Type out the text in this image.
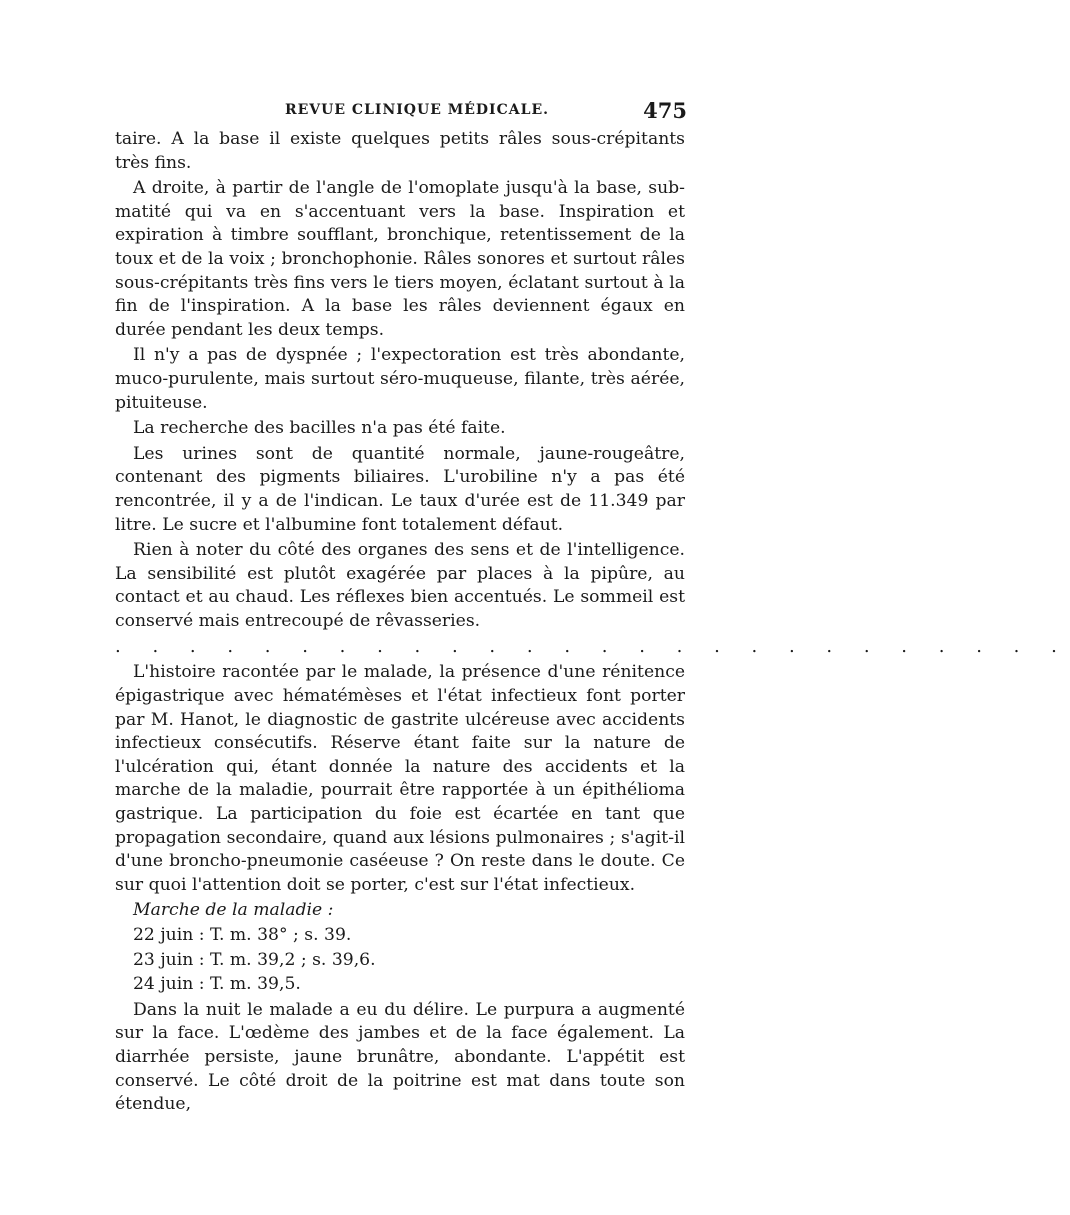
REVUE CLINIQUE MÉDICALE.	475

taire. A la base il existe quelques petits râles sous-crépitants très fins.

A droite, à partir de l'angle de l'omoplate jusqu'à la base, sub-matité qui va en s'accentuant vers la base. Inspiration et expiration à timbre soufflant, bronchique, retentissement de la toux et de la voix ; bronchophonie. Râles sonores et surtout râles sous-crépitants très fins vers le tiers moyen, éclatant surtout à la fin de l'inspiration. A la base les râles deviennent égaux en durée pendant les deux temps.

Il n'y a pas de dyspnée ; l'expectoration est très abondante, muco-purulente, mais surtout séro-muqueuse, filante, très aérée, pituiteuse.

La recherche des bacilles n'a pas été faite.

Les urines sont de quantité normale, jaune-rougeâtre, contenant des pigments biliaires. L'urobiline n'y a pas été rencontrée, il y a de l'indican. Le taux d'urée est de 11.349 par litre. Le sucre et l'albumine font totalement défaut.

Rien à noter du côté des organes des sens et de l'intelligence. La sensibilité est plutôt exagérée par places à la pipûre, au contact et au chaud. Les réflexes bien accentués. Le sommeil est conservé mais entrecoupé de rêvasseries.

. . . . . . . . . . . . . . . . . . . . . . . . . .

L'histoire racontée par le malade, la présence d'une rénitence épigastrique avec hématémèses et l'état infectieux font porter par M. Hanot, le diagnostic de gastrite ulcéreuse avec accidents infectieux consécutifs. Réserve étant faite sur la nature de l'ulcération qui, étant donnée la nature des accidents et la marche de la maladie, pourrait être rapportée à un épithélioma gastrique. La participation du foie est écartée en tant que propagation secondaire, quand aux lésions pulmonaires ; s'agit-il d'une broncho-pneumonie caséeuse ? On reste dans le doute. Ce sur quoi l'attention doit se porter, c'est sur l'état infectieux.

Marche de la maladie :

22 juin : T. m. 38° ; s. 39.

23 juin : T. m. 39,2 ; s. 39,6.

24 juin : T. m. 39,5.

Dans la nuit le malade a eu du délire. Le purpura a augmenté sur la face. L'œdème des jambes et de la face également. La diarrhée persiste, jaune brunâtre, abondante. L'appétit est conservé. Le côté droit de la poitrine est mat dans toute son étendue,
